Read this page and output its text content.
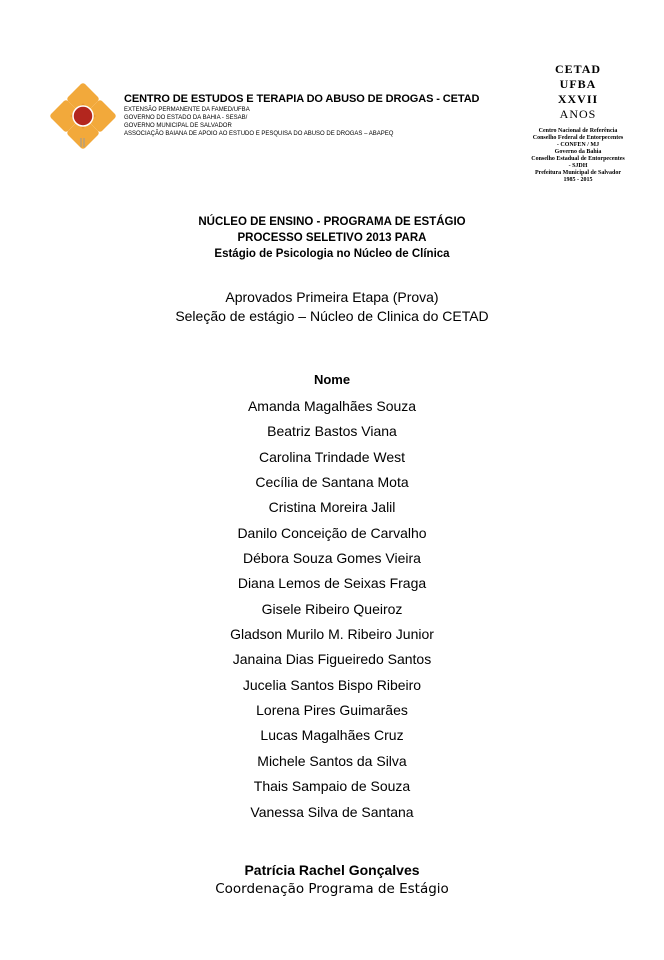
CENTRO DE ESTUDOS E TERAPIA DO ABUSO DE DROGAS - CETAD
EXTENSÃO PERMANENTE DA FAMED/UFBA
GOVERNO DO ESTADO DA BAHIA - SESAB/
GOVERNO MUNICIPAL DE SALVADOR
ASSOCIAÇÃO BAIANA DE APOIO AO ESTUDO E PESQUISA DO ABUSO DE DROGAS – ABAPEQ
CETAD
UFBA
XXVII
ANOS
Centro Nacional de Referência
Conselho Federal de Entorpecentes
- CONFEN / MJ
Governo da Bahia
Conselho Estadual de Entorpecentes
- SJDH
Prefeitura Municipal de Salvador
1985 - 2015
NÚCLEO DE ENSINO - PROGRAMA DE ESTÁGIO
PROCESSO SELETIVO 2013 PARA
Estágio de Psicologia no Núcleo de Clínica
Aprovados Primeira Etapa (Prova)
Seleção de estágio – Núcleo de Clinica do CETAD
Nome
Amanda Magalhães Souza
Beatriz Bastos Viana
Carolina Trindade West
Cecília de Santana Mota
Cristina Moreira Jalil
Danilo Conceição de Carvalho
Débora Souza Gomes Vieira
Diana Lemos de Seixas Fraga
Gisele Ribeiro Queiroz
Gladson Murilo M. Ribeiro Junior
Janaina Dias Figueiredo Santos
Jucelia Santos Bispo Ribeiro
Lorena Pires Guimarães
Lucas Magalhães Cruz
Michele Santos da Silva
Thais Sampaio de Souza
Vanessa Silva de Santana
Patrícia Rachel Gonçalves
Coordenação Programa de Estágio
